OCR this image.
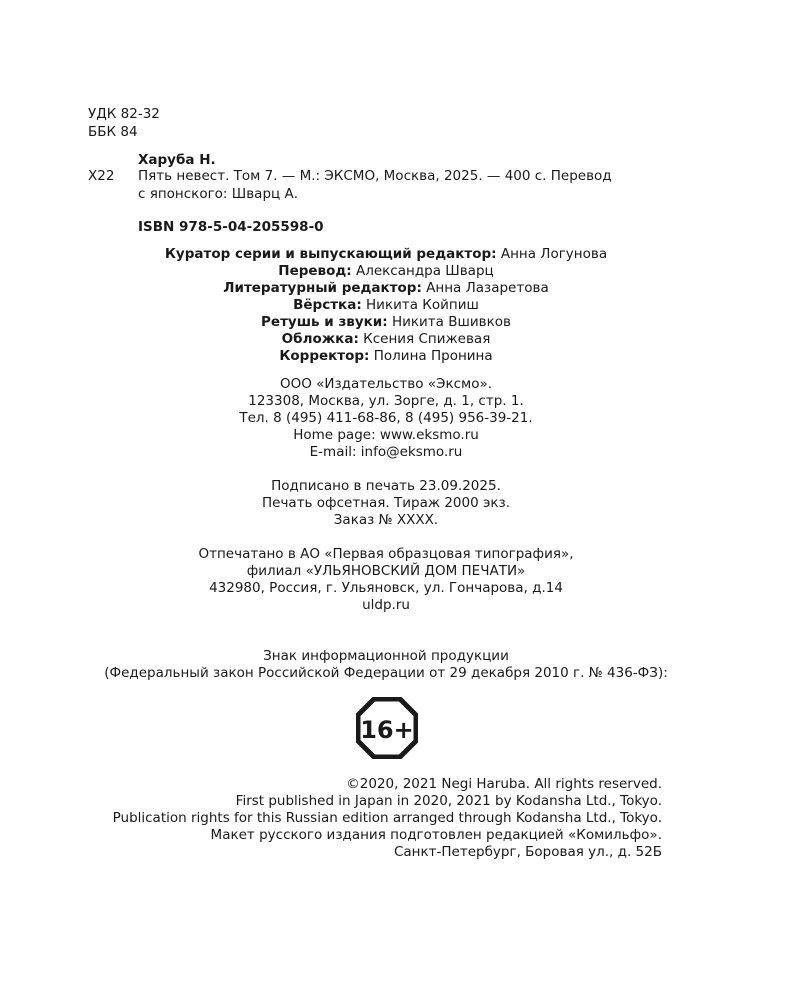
УДК 82-32
ББК 84
Харуба Н.
Х22 Пять невест. Том 7. — М.: ЭКСМО, Москва, 2025. — 400 с. Перевод
с японского: Шварц А.
ISBN 978-5-04-205598-0
Куратор серии и выпускающий редактор: Анна Логунова
Перевод: Александра Шварц
Литературный редактор: Анна Лазаретова
Вёрстка: Никита Койпиш
Ретушь и звуки: Никита Вшивков
Обложка: Ксения Спижевая
Корректор: Полина Пронина
ООО «Издательство «Эксмо».
123308, Москва, ул. Зорге, д. 1, стр. 1.
Тел. 8 (495) 411-68-86, 8 (495) 956-39-21.
Home page: www.eksmo.ru
E-mail: info@eksmo.ru
Подписано в печать 23.09.2025.
Печать офсетная. Тираж 2000 экз.
Заказ № ХХХХ.
Отпечатано в АО «Первая образцовая типография»,
филиал «УЛЬЯНОВСКИЙ ДОМ ПЕЧАТИ»
432980, Россия, г. Ульяновск, ул. Гончарова, д.14
uldp.ru
Знак информационной продукции
(Федеральный закон Российской Федерации от 29 декабря 2010 г. № 436-ФЗ):
16+
©2020, 2021 Negi Haruba. All rights reserved.
First published in Japan in 2020, 2021 by Kodansha Ltd., Tokyo.
Publication rights for this Russian edition arranged through Kodansha Ltd., Tokyo.
Макет русского издания подготовлен редакцией «Комильфо».
Санкт-Петербург, Боровая ул., д. 52Б
